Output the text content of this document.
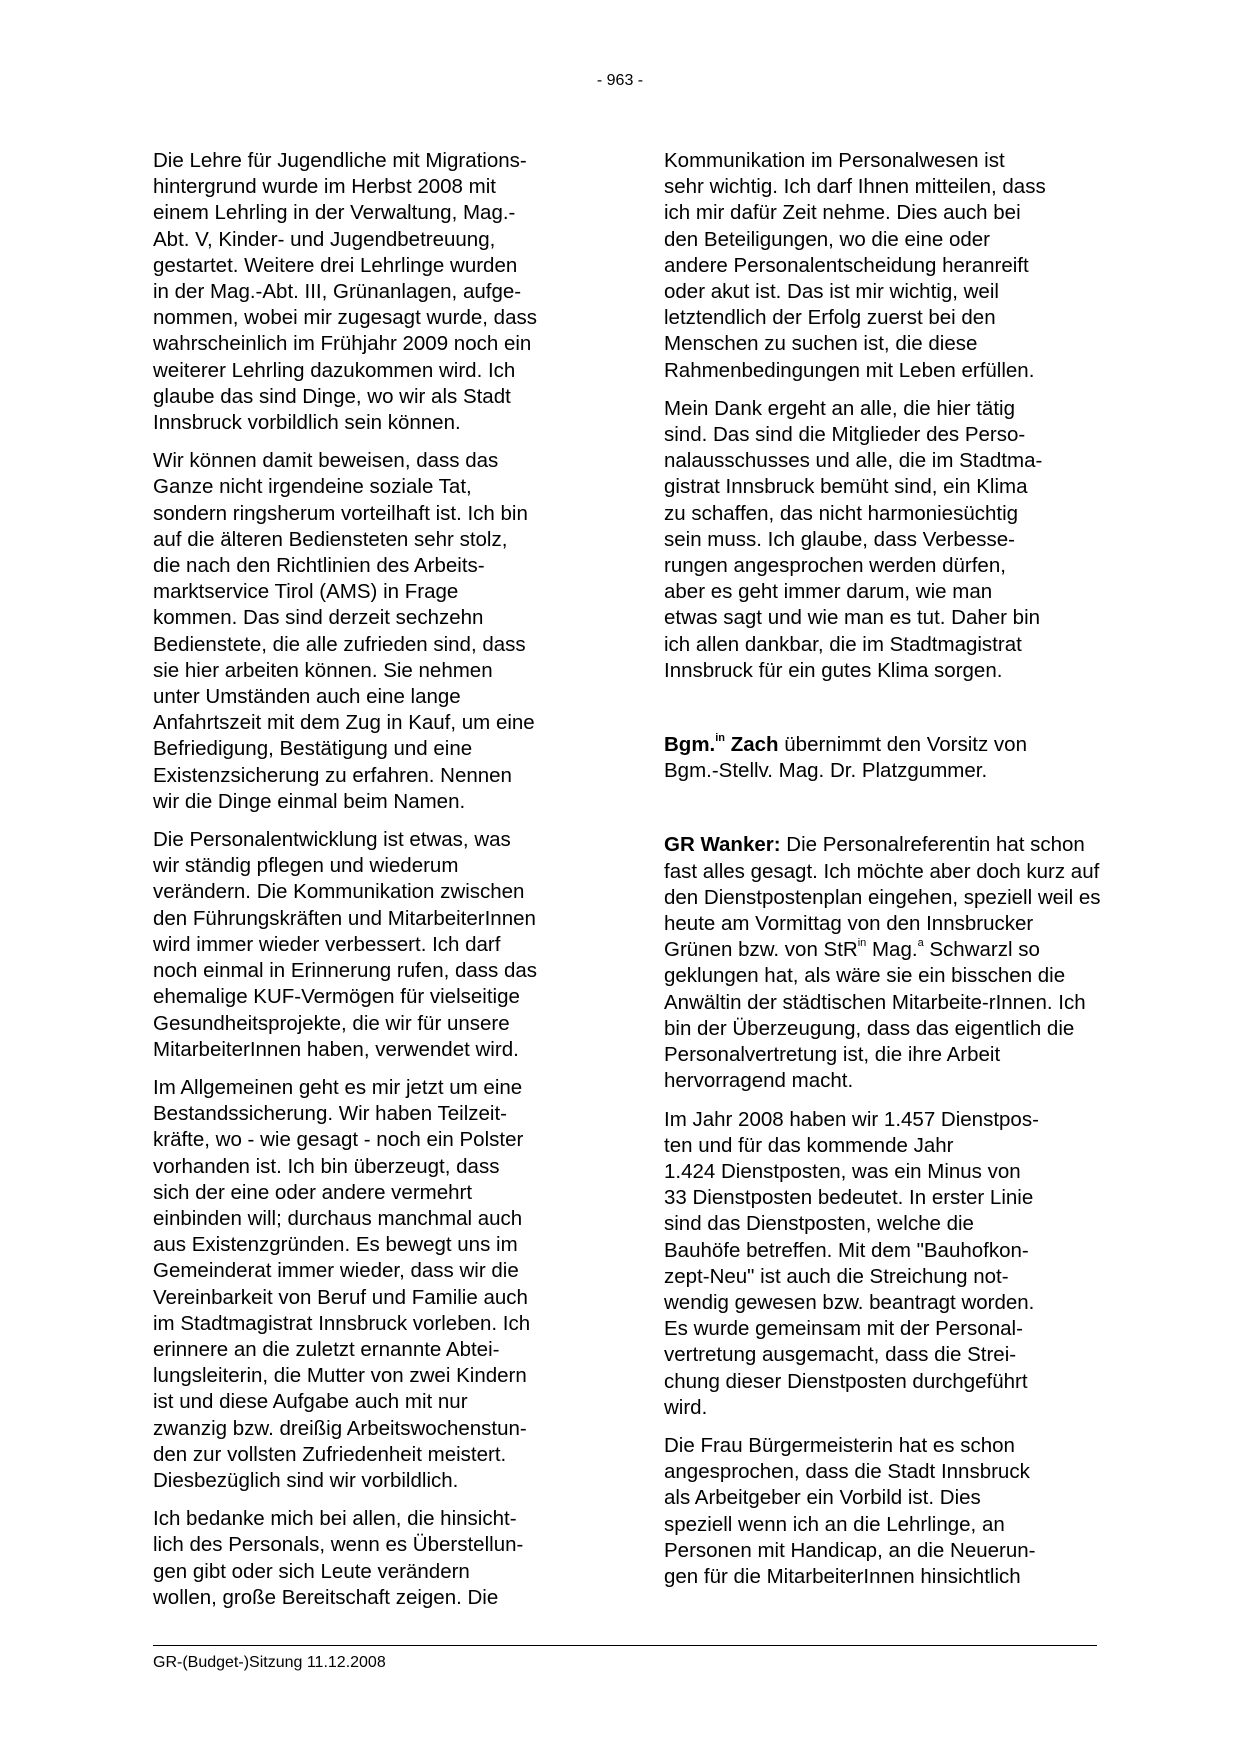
- 963 -

Die Lehre für Jugendliche mit Migrations-
hintergrund wurde im Herbst 2008 mit
einem Lehrling in der Verwaltung, Mag.-
Abt. V, Kinder- und Jugendbetreuung,
gestartet. Weitere drei Lehrlinge wurden
in der Mag.-Abt. III, Grünanlagen, aufge-
nommen, wobei mir zugesagt wurde, dass
wahrscheinlich im Frühjahr 2009 noch ein
weiterer Lehrling dazukommen wird. Ich
glaube das sind Dinge, wo wir als Stadt
Innsbruck vorbildlich sein können.

Wir können damit beweisen, dass das
Ganze nicht irgendeine soziale Tat,
sondern ringsherum vorteilhaft ist. Ich bin
auf die älteren Bediensteten sehr stolz,
die nach den Richtlinien des Arbeits-
marktservice Tirol (AMS) in Frage
kommen. Das sind derzeit sechzehn
Bedienstete, die alle zufrieden sind, dass
sie hier arbeiten können. Sie nehmen
unter Umständen auch eine lange
Anfahrtszeit mit dem Zug in Kauf, um eine
Befriedigung, Bestätigung und eine
Existenzsicherung zu erfahren. Nennen
wir die Dinge einmal beim Namen.

Die Personalentwicklung ist etwas, was
wir ständig pflegen und wiederum
verändern. Die Kommunikation zwischen
den Führungskräften und MitarbeiterInnen
wird immer wieder verbessert. Ich darf
noch einmal in Erinnerung rufen, dass das
ehemalige KUF-Vermögen für vielseitige
Gesundheitsprojekte, die wir für unsere
MitarbeiterInnen haben, verwendet wird.

Im Allgemeinen geht es mir jetzt um eine
Bestandssicherung. Wir haben Teilzeit-
kräfte, wo - wie gesagt - noch ein Polster
vorhanden ist. Ich bin überzeugt, dass
sich der eine oder andere vermehrt
einbinden will; durchaus manchmal auch
aus Existenzgründen. Es bewegt uns im
Gemeinderat immer wieder, dass wir die
Vereinbarkeit von Beruf und Familie auch
im Stadtmagistrat Innsbruck vorleben. Ich
erinnere an die zuletzt ernannte Abtei-
lungsleiterin, die Mutter von zwei Kindern
ist und diese Aufgabe auch mit nur
zwanzig bzw. dreißig Arbeitswochenstun-
den zur vollsten Zufriedenheit meistert.
Diesbezüglich sind wir vorbildlich.

Ich bedanke mich bei allen, die hinsicht-
lich des Personals, wenn es Überstellun-
gen gibt oder sich Leute verändern
wollen, große Bereitschaft zeigen. Die

Kommunikation im Personalwesen ist
sehr wichtig. Ich darf Ihnen mitteilen, dass
ich mir dafür Zeit nehme. Dies auch bei
den Beteiligungen, wo die eine oder
andere Personalentscheidung heranreift
oder akut ist. Das ist mir wichtig, weil
letztendlich der Erfolg zuerst bei den
Menschen zu suchen ist, die diese
Rahmenbedingungen mit Leben erfüllen.

Mein Dank ergeht an alle, die hier tätig
sind. Das sind die Mitglieder des Perso-
nalausschusses und alle, die im Stadtma-
gistrat Innsbruck bemüht sind, ein Klima
zu schaffen, das nicht harmoniesüchtig
sein muss. Ich glaube, dass Verbesse-
rungen angesprochen werden dürfen,
aber es geht immer darum, wie man
etwas sagt und wie man es tut. Daher bin
ich allen dankbar, die im Stadtmagistrat
Innsbruck für ein gutes Klima sorgen.

Bgm.$^{in}$ Zach übernimmt den Vorsitz von
Bgm.-Stellv. Mag. Dr. Platzgummer.

GR Wanker: Die Personalreferentin hat schon fast alles gesagt. Ich möchte aber doch kurz auf den Dienstpostenplan eingehen, speziell weil es heute am Vormittag von den Innsbrucker Grünen bzw. von StR$^{in}$ Mag.$^a$ Schwarzl so geklungen hat, als wäre sie ein bisschen die Anwältin der städtischen Mitarbeite-rInnen. Ich bin der Überzeugung, dass das eigentlich die Personalvertretung ist, die ihre Arbeit hervorragend macht.

Im Jahr 2008 haben wir 1.457 Dienstpos-
ten und für das kommende Jahr
1.424 Dienstposten, was ein Minus von
33 Dienstposten bedeutet. In erster Linie
sind das Dienstposten, welche die
Bauhöfe betreffen. Mit dem "Bauhofkon-
zept-Neu" ist auch die Streichung not-
wendig gewesen bzw. beantragt worden.
Es wurde gemeinsam mit der Personal-
vertretung ausgemacht, dass die Strei-
chung dieser Dienstposten durchgeführt
wird.

Die Frau Bürgermeisterin hat es schon
angesprochen, dass die Stadt Innsbruck
als Arbeitgeber ein Vorbild ist. Dies
speziell wenn ich an die Lehrlinge, an
Personen mit Handicap, an die Neuerun-
gen für die MitarbeiterInnen hinsichtlich

GR-(Budget-)Sitzung 11.12.2008
